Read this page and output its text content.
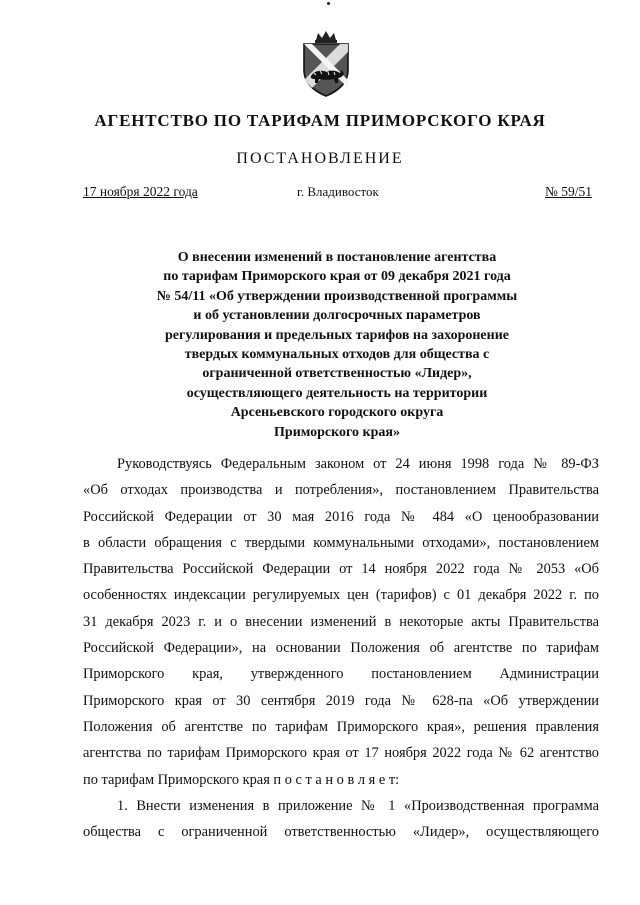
АГЕНТСТВО ПО ТАРИФАМ ПРИМОРСКОГО КРАЯ
ПОСТАНОВЛЕНИЕ
17 ноября 2022 года	г. Владивосток	№ 59/51
О внесении изменений в постановление агентства
по тарифам Приморского края от 09 декабря 2021 года
№ 54/11 «Об утверждении производственной программы
и об установлении долгосрочных параметров
регулирования и предельных тарифов на захоронение
твердых коммунальных отходов для общества с
ограниченной ответственностью «Лидер»,
осуществляющего деятельность на территории
Арсеньевского городского округа
Приморского края»
Руководствуясь Федеральным законом от 24 июня 1998 года № 89-ФЗ
«Об отходах производства и потребления», постановлением Правительства
Российской Федерации от 30 мая 2016 года № 484 «О ценообразовании
в области обращения с твердыми коммунальными отходами», постановлением
Правительства Российской Федерации от 14 ноября 2022 года № 2053 «Об
особенностях индексации регулируемых цен (тарифов) с 01 декабря 2022 г. по
31 декабря 2023 г. и о внесении изменений в некоторые акты Правительства
Российской Федерации», на основании Положения об агентстве по тарифам
Приморского края, утвержденного постановлением Администрации
Приморского края от 30 сентября 2019 года № 628-па «Об утверждении
Положения об агентстве по тарифам Приморского края», решения правления
агентства по тарифам Приморского края от 17 ноября 2022 года № 62 агентство
по тарифам Приморского края п о с т а н о в л я е т:
1. Внести изменения в приложение № 1 «Производственная программа
общества с ограниченной ответственностью «Лидер», осуществляющего
